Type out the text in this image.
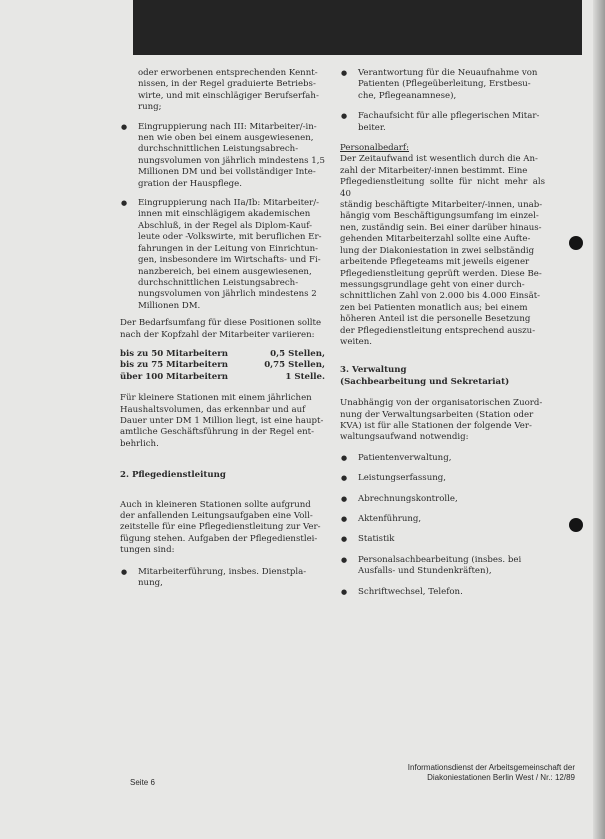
oder erworbenen entsprechenden Kennt-
nissen, in der Regel graduierte Betriebs-
wirte, und mit einschlägiger Berufserfah-
rung;

● Eingruppierung nach III: Mitarbeiter/-in-
nen wie oben bei einem ausgewiesenen,
durchschnittlichen Leistungsabrech-
nungsvolumen von jährlich mindestens 1,5
Millionen DM und bei vollständiger Inte-
gration der Hauspflege.

● Eingruppierung nach IIa/Ib: Mitarbeiter/-
innen mit einschlägigem akademischen
Abschluß, in der Regel als Diplom-Kauf-
leute oder -Volkswirte, mit beruflichen Er-
fahrungen in der Leitung von Einrichtun-
gen, insbesondere im Wirtschafts- und Fi-
nanzbereich, bei einem ausgewiesenen,
durchschnittlichen Leistungsabrech-
nungsvolumen von jährlich mindestens 2
Millionen DM.

Der Bedarfsumfang für diese Positionen sollte
nach der Kopfzahl der Mitarbeiter variieren:

bis zu 50 Mitarbeitern	0,5 Stellen,
bis zu 75 Mitarbeitern	0,75 Stellen,
über 100 Mitarbeitern	1 Stelle.

Für kleinere Stationen mit einem jährlichen
Haushaltsvolumen, das erkennbar und auf
Dauer unter DM 1 Million liegt, ist eine haupt-
amtliche Geschäftsführung in der Regel ent-
behrlich.

2. Pflegedienstleitung

Auch in kleineren Stationen sollte aufgrund
der anfallenden Leitungsaufgaben eine Voll-
zeitstelle für eine Pflegedienstleitung zur Ver-
fügung stehen. Aufgaben der Pflegedienstlei-
tungen sind:

● Mitarbeiterführung, insbes. Dienstpla-
nung,

● Verantwortung für die Neuaufnahme von
Patienten (Pflegeüberleitung, Erstbesu-
che, Pflegeanamnese),

● Fachaufsicht für alle pflegerischen Mitar-
beiter.

Personalbedarf:

Der Zeitaufwand ist wesentlich durch die An-
zahl der Mitarbeiter/-innen bestimmt. Eine
Pflegedienstleitung sollte für nicht mehr als 40
ständig beschäftigte Mitarbeiter/-innen, unab-
hängig vom Beschäftigungsumfang im einzel-
nen, zuständig sein. Bei einer darüber hinaus-
gehenden Mitarbeiterzahl sollte eine Aufte-
lung der Diakoniestation in zwei selbständig
arbeitende Pflegeteams mit jeweils eigener
Pflegedienstleitung geprüft werden. Diese Be-
messungsgrundlage geht von einer durch-
schnittlichen Zahl von 2.000 bis 4.000 Einsät-
zen bei Patienten monatlich aus; bei einem
höheren Anteil ist die personelle Besetzung
der Pflegedienstleitung entsprechend auszu-
weiten.

3. Verwaltung
(Sachbearbeitung und Sekretariat)

Unabhängig von der organisatorischen Zuord-
nung der Verwaltungsarbeiten (Station oder
KVA) ist für alle Stationen der folgende Ver-
waltungsaufwand notwendig:

● Patientenverwaltung,

● Leistungserfassung,

● Abrechnungskontrolle,

● Aktenführung,

● Statistik

● Personalsachbearbeitung (insbes. bei
Ausfalls- und Stundenkräften),

● Schriftwechsel, Telefon.

Seite 6
Informationsdienst der Arbeitsgemeinschaft der
Diakoniestationen Berlin West / Nr.: 12/89
